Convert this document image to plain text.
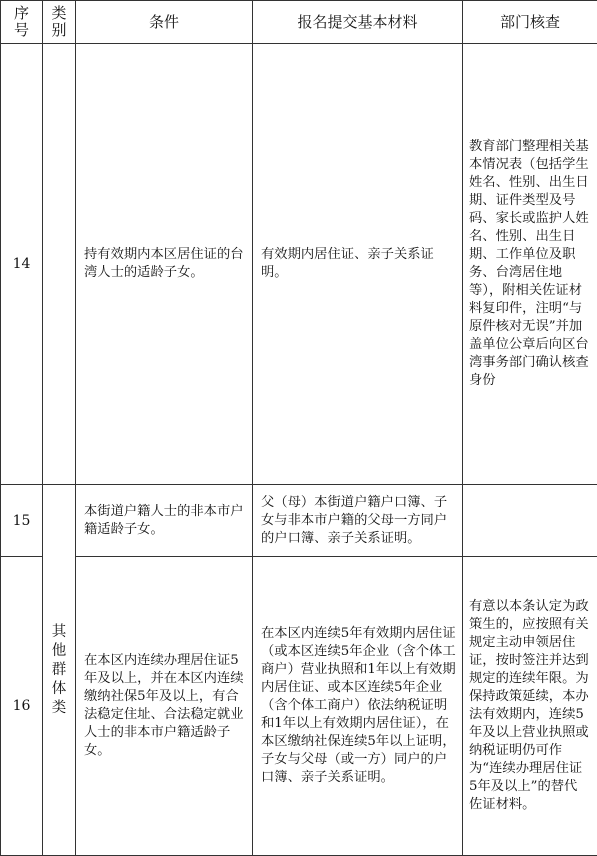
序号	类别	条件	报名提交基本材料	部门核查
14		持有效期内本区居住证的台湾人士的适龄子女。	有效期内居住证、亲子关系证明。	教育部门整理相关基本情况表（包括学生姓名、性别、出生日期、证件类型及号码、家长或监护人姓名、性别、出生日期、工作单位及职务、台湾居住地等），附相关佐证材料复印件，注明“与原件核对无误”并加盖单位公章后向区台湾事务部门确认核查身份

15	其他群体类	本街道户籍人士的非本市户籍适龄子女。	父（母）本街道户籍户口簿、子女与非本市户籍的父母一方同户的户口簿、亲子关系证明。	

16		在本区内连续办理居住证5年及以上，并在本区内连续缴纳社保5年及以上，有合法稳定住址、合法稳定就业人士的非本市户籍适龄子女。	在本区内连续5年有效期内居住证（或本区连续5年企业（含个体工商户）营业执照和1年以上有效期内居住证、或本区连续5年企业（含个体工商户）依法纳税证明和1年以上有效期内居住证），在本区缴纳社保连续5年以上证明，子女与父母（或一方）同户的户口簿、亲子关系证明。	有意以本条认定为政策生的，应按照有关规定主动申领居住证，按时签注并达到规定的连续年限。为保持政策延续，本办法有效期内，连续5年及以上营业执照或纳税证明仍可作为“连续办理居住证5年及以上”的替代佐证材料。
